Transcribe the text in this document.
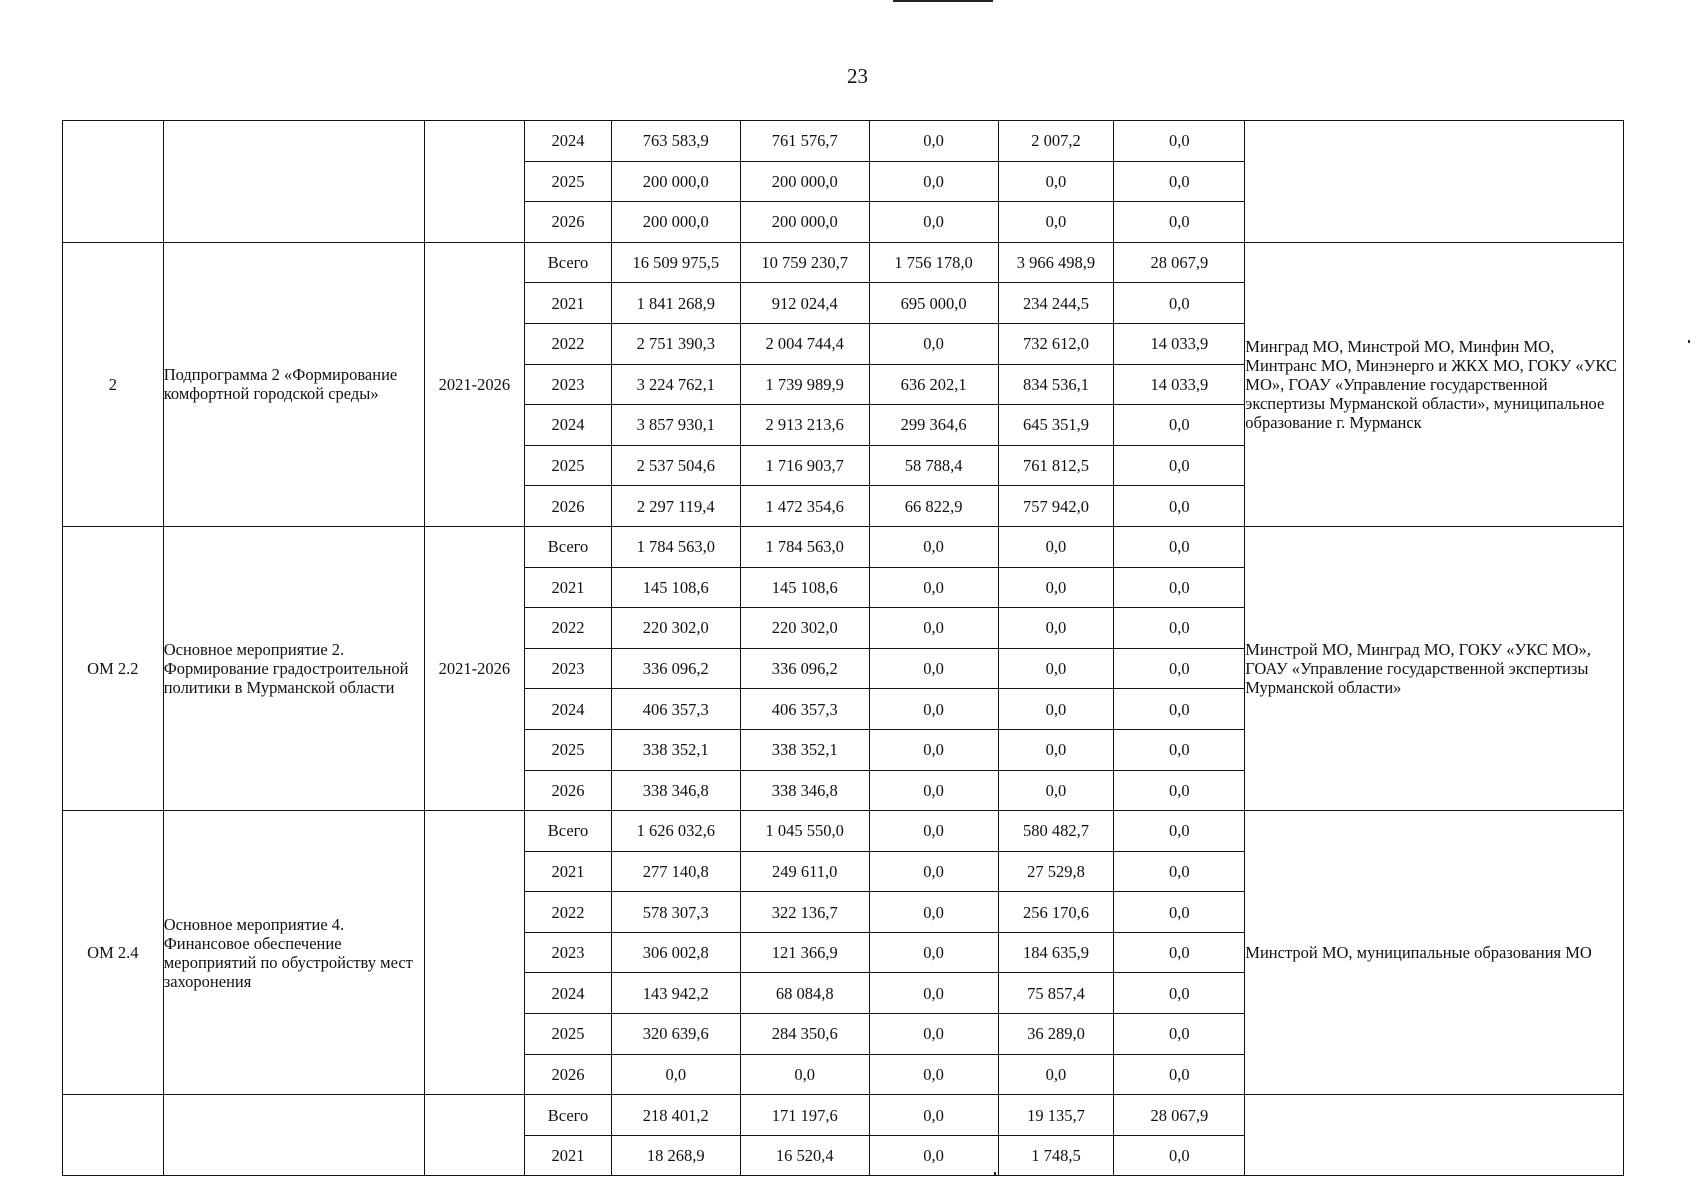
23
			2024	763 583,9	761 576,7	0,0	2 007,2	0,0	
			2025	200 000,0	200 000,0	0,0	0,0	0,0	
			2026	200 000,0	200 000,0	0,0	0,0	0,0	
2	Подпрограмма 2 «Формирование комфортной городской среды»	2021-2026	Всего	16 509 975,5	10 759 230,7	1 756 178,0	3 966 498,9	28 067,9	Минград МО, Минстрой МО, Минфин МО, Минтранс МО, Минэнерго и ЖКХ МО, ГОКУ «УКС МО», ГОАУ «Управление государственной экспертизы Мурманской области», муниципальное образование г. Мурманск
			2021	1 841 268,9	912 024,4	695 000,0	234 244,5	0,0	
			2022	2 751 390,3	2 004 744,4	0,0	732 612,0	14 033,9	
			2023	3 224 762,1	1 739 989,9	636 202,1	834 536,1	14 033,9	
			2024	3 857 930,1	2 913 213,6	299 364,6	645 351,9	0,0	
			2025	2 537 504,6	1 716 903,7	58 788,4	761 812,5	0,0	
			2026	2 297 119,4	1 472 354,6	66 822,9	757 942,0	0,0	
ОМ 2.2	Основное мероприятие 2. Формирование градостроительной политики в Мурманской области	2021-2026	Всего	1 784 563,0	1 784 563,0	0,0	0,0	0,0	Минстрой МО, Минград МО, ГОКУ «УКС МО», ГОАУ «Управление государственной экспертизы Мурманской области»
			2021	145 108,6	145 108,6	0,0	0,0	0,0	
			2022	220 302,0	220 302,0	0,0	0,0	0,0	
			2023	336 096,2	336 096,2	0,0	0,0	0,0	
			2024	406 357,3	406 357,3	0,0	0,0	0,0	
			2025	338 352,1	338 352,1	0,0	0,0	0,0	
			2026	338 346,8	338 346,8	0,0	0,0	0,0	
ОМ 2.4	Основное мероприятие 4. Финансовое обеспечение мероприятий по обустройству мест захоронения		Всего	1 626 032,6	1 045 550,0	0,0	580 482,7	0,0	Минстрой МО, муниципальные образования МО
			2021	277 140,8	249 611,0	0,0	27 529,8	0,0	
			2022	578 307,3	322 136,7	0,0	256 170,6	0,0	
			2023	306 002,8	121 366,9	0,0	184 635,9	0,0	
			2024	143 942,2	68 084,8	0,0	75 857,4	0,0	
			2025	320 639,6	284 350,6	0,0	36 289,0	0,0	
			2026	0,0	0,0	0,0	0,0	0,0	
			Всего	218 401,2	171 197,6	0,0	19 135,7	28 067,9	
			2021	18 268,9	16 520,4	0,0	1 748,5	0,0	
